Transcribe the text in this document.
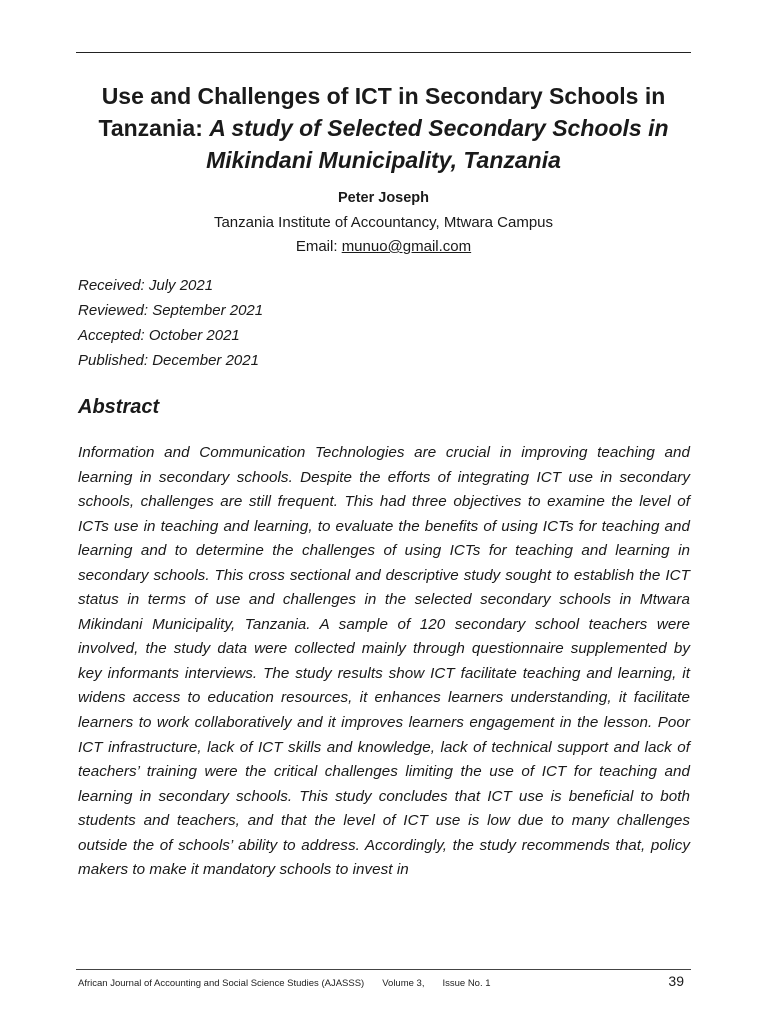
Use and Challenges of ICT in Secondary Schools in Tanzania: A study of Selected Secondary Schools in Mikindani Municipality, Tanzania
Peter Joseph
Tanzania Institute of Accountancy, Mtwara Campus
Email: munuo@gmail.com
Received: July 2021
Reviewed: September 2021
Accepted: October 2021
Published: December 2021
Abstract

Information and Communication Technologies are crucial in improving teaching and learning in secondary schools. Despite the efforts of integrating ICT use in secondary schools, challenges are still frequent. This had three objectives to examine the level of ICTs use in teaching and learning, to evaluate the benefits of using ICTs for teaching and learning and to determine the challenges of using ICTs for teaching and learning in secondary schools. This cross sectional and descriptive study sought to establish the ICT status in terms of use and challenges in the selected secondary schools in Mtwara Mikindani Municipality, Tanzania. A sample of 120 secondary school teachers were involved, the study data were collected mainly through questionnaire supplemented by key informants interviews. The study results show ICT facilitate teaching and learning, it widens access to education resources, it enhances learners understanding, it facilitate learners to work collaboratively and it improves learners engagement in the lesson. Poor ICT infrastructure, lack of ICT skills and knowledge, lack of technical support and lack of teachers’ training were the critical challenges limiting the use of ICT for teaching and learning in secondary schools. This study concludes that ICT use is beneficial to both students and teachers, and that the level of ICT use is low due to many challenges outside the of schools’ ability to address. Accordingly, the study recommends that, policy makers to make it mandatory schools to invest in

African Journal of Accounting and Social Science Studies (AJASSS) Volume 3, Issue No. 1	39
